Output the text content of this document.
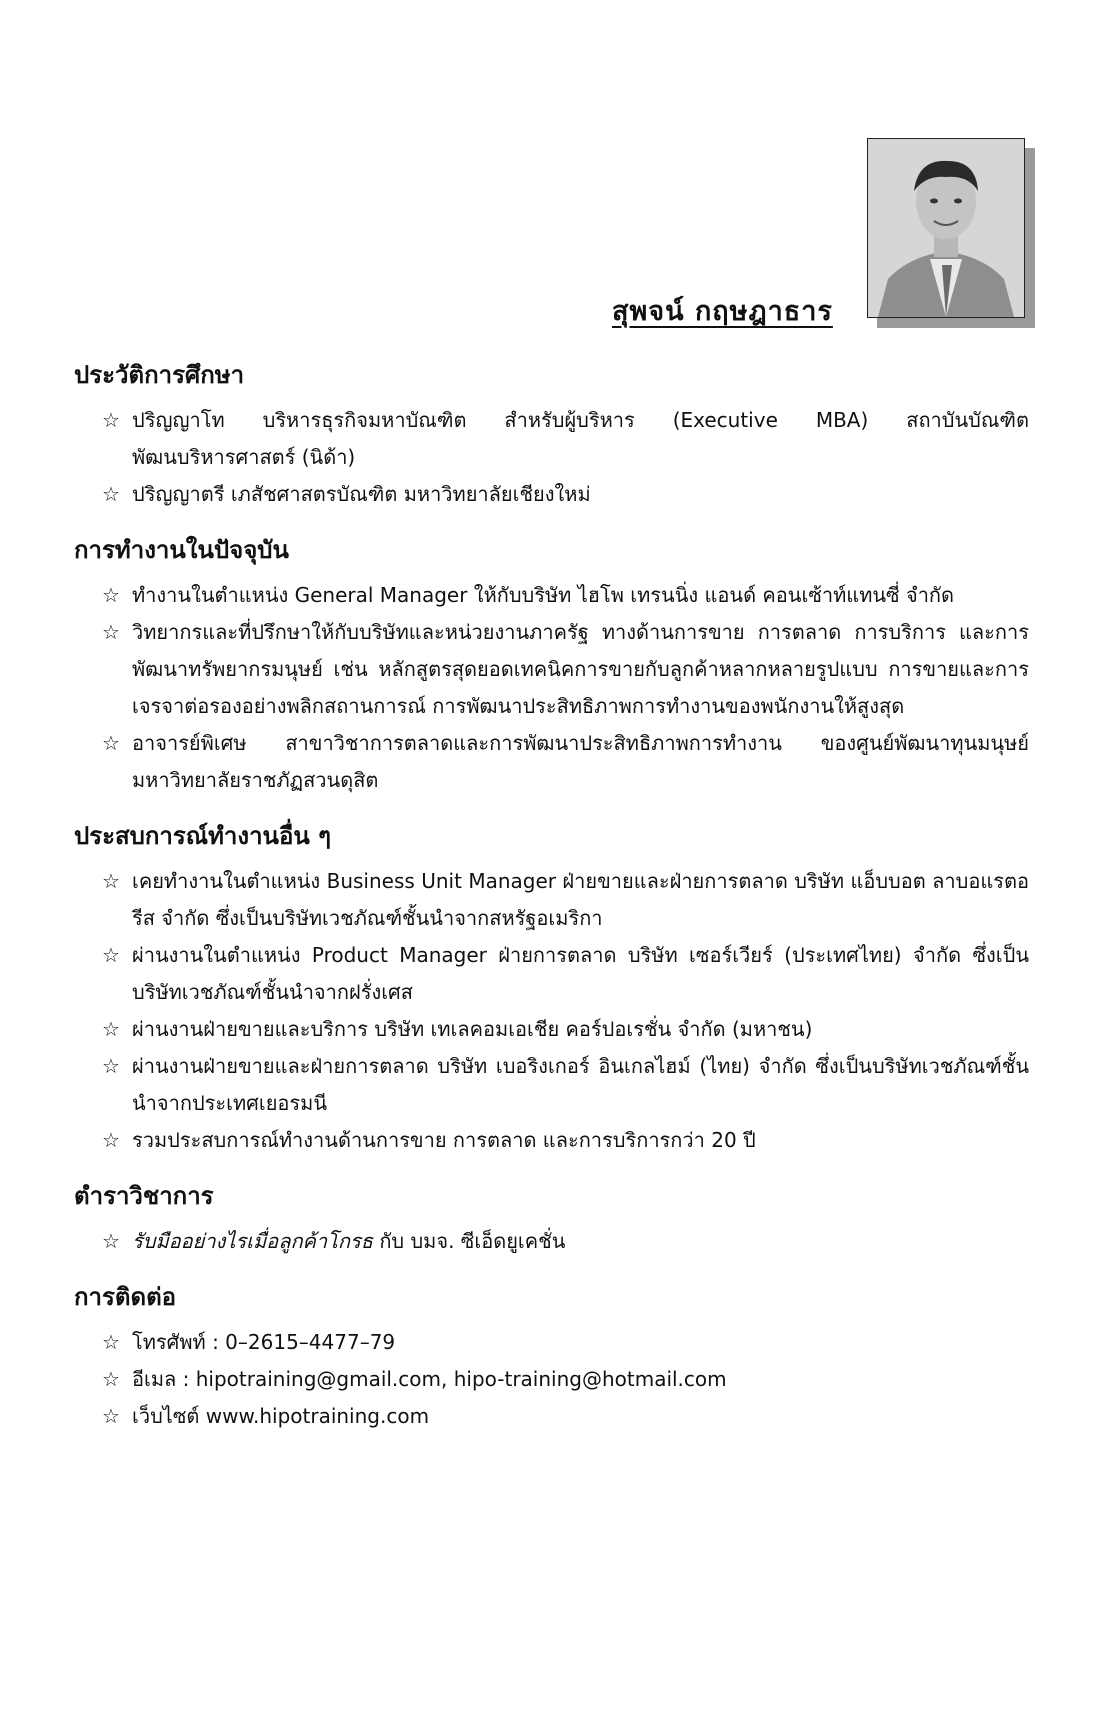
สุพจน์ กฤษฎาธาร
ประวัติการศึกษา
☆ ปริญญาโท บริหารธุรกิจมหาบัณฑิต สำหรับผู้บริหาร (Executive MBA) สถาบันบัณฑิตพัฒนบริหารศาสตร์ (นิด้า)
☆ ปริญญาตรี เภสัชศาสตรบัณฑิต มหาวิทยาลัยเชียงใหม่
การทำงานในปัจจุบัน
☆ ทำงานในตำแหน่ง General Manager ให้กับบริษัท ไฮโพ เทรนนิ่ง แอนด์ คอนเซ้าท์แทนซี่ จำกัด
☆ วิทยากรและที่ปรึกษาให้กับบริษัทและหน่วยงานภาครัฐ ทางด้านการขาย การตลาด การบริการ และการพัฒนาทรัพยากรมนุษย์ เช่น หลักสูตรสุดยอดเทคนิคการขายกับลูกค้าหลากหลายรูปแบบ การขายและการเจรจาต่อรองอย่างพลิกสถานการณ์ การพัฒนาประสิทธิภาพการทำงานของพนักงานให้สูงสุด
☆ อาจารย์พิเศษ สาขาวิชาการตลาดและการพัฒนาประสิทธิภาพการทำงาน ของศูนย์พัฒนาทุนมนุษย์ มหาวิทยาลัยราชภัฏสวนดุสิต
ประสบการณ์ทำงานอื่น ๆ
☆ เคยทำงานในตำแหน่ง Business Unit Manager ฝ่ายขายและฝ่ายการตลาด บริษัท แอ็บบอต ลาบอแรตอรีส จำกัด ซึ่งเป็นบริษัทเวชภัณฑ์ชั้นนำจากสหรัฐอเมริกา
☆ ผ่านงานในตำแหน่ง Product Manager ฝ่ายการตลาด บริษัท เซอร์เวียร์ (ประเทศไทย) จำกัด ซึ่งเป็นบริษัทเวชภัณฑ์ชั้นนำจากฝรั่งเศส
☆ ผ่านงานฝ่ายขายและบริการ บริษัท เทเลคอมเอเชีย คอร์ปอเรชั่น จำกัด (มหาชน)
☆ ผ่านงานฝ่ายขายและฝ่ายการตลาด บริษัท เบอริงเกอร์ อินเกลไฮม์ (ไทย) จำกัด ซึ่งเป็นบริษัทเวชภัณฑ์ชั้นนำจากประเทศเยอรมนี
☆ รวมประสบการณ์ทำงานด้านการขาย การตลาด และการบริการกว่า 20 ปี
ตำราวิชาการ
☆ รับมืออย่างไรเมื่อลูกค้าโกรธ กับ บมจ. ซีเอ็ดยูเคชั่น
การติดต่อ
☆ โทรศัพท์ : 0–2615–4477–79
☆ อีเมล : hipotraining@gmail.com, hipo-training@hotmail.com
☆ เว็บไซต์ www.hipotraining.com
